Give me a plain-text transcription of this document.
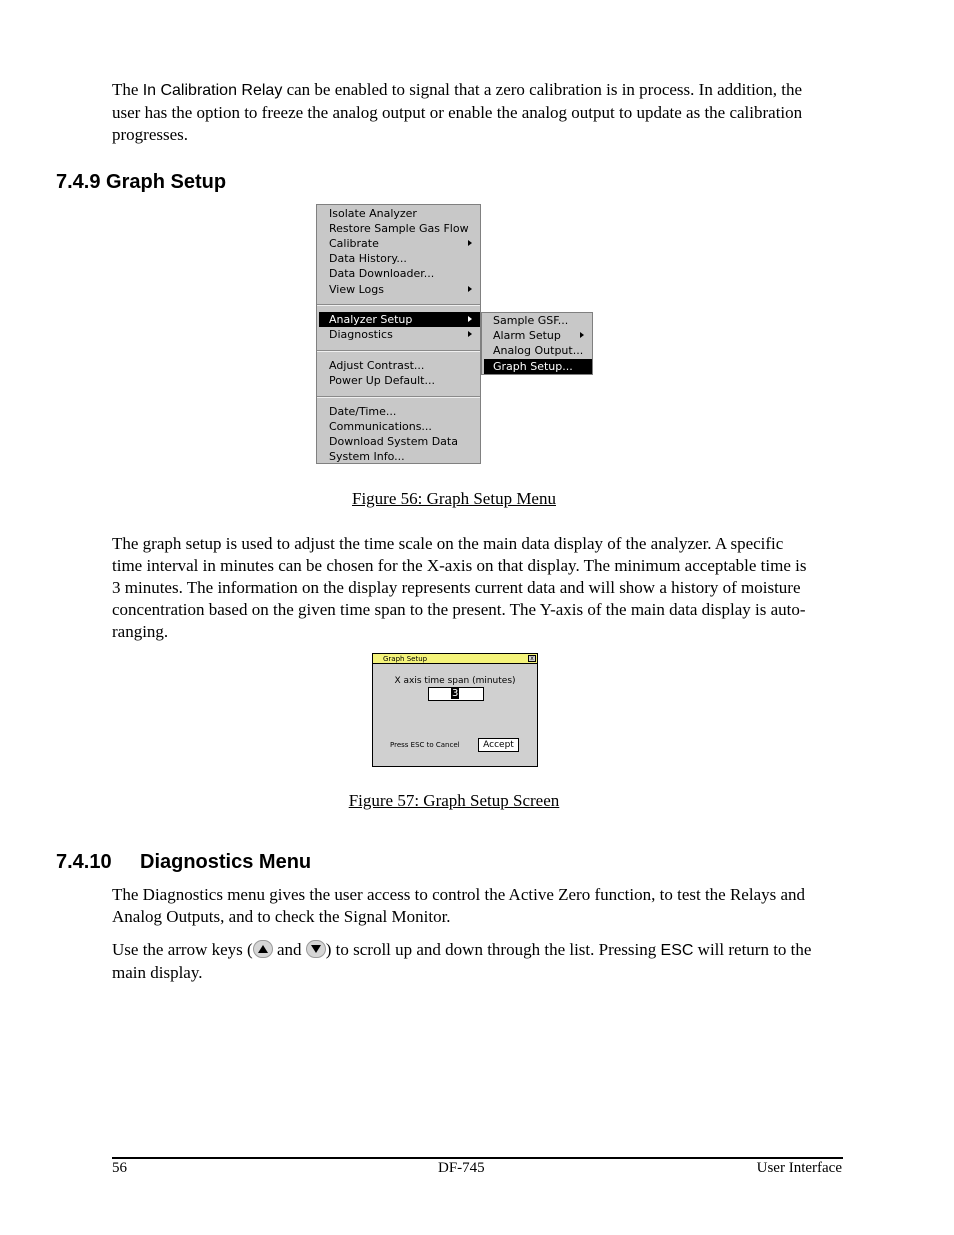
The In Calibration Relay can be enabled to signal that a zero calibration is in process. In addition, the user has the option to freeze the analog output or enable the analog output to update as the calibration progresses.

7.4.9 Graph Setup
Isolate Analyzer
Restore Sample Gas Flow
Calibrate
Data History...
Data Downloader...
View Logs
Analyzer Setup
Diagnostics
Adjust Contrast...
Power Up Default...
Date/Time...
Communications...
Download System Data
System Info...
Sample GSF...
Alarm Setup
Analog Output...
Graph Setup...

Figure 56: Graph Setup Menu

The graph setup is used to adjust the time scale on the main data display of the analyzer. A specific time interval in minutes can be chosen for the X-axis on that display. The minimum acceptable time is 3 minutes. The information on the display represents current data and will show a history of moisture concentration based on the given time span to the present. The Y-axis of the main data display is auto-ranging.

Graph Setup	x
X axis time span (minutes)
3
Press ESC to Cancel	Accept

Figure 57: Graph Setup Screen

7.4.10 Diagnostics Menu

The Diagnostics menu gives the user access to control the Active Zero function, to test the Relays and Analog Outputs, and to check the Signal Monitor.

Use the arrow keys (
and
) to scroll up and down through the list. Pressing ESC will return to the main display.

56	DF-745	User Interface
